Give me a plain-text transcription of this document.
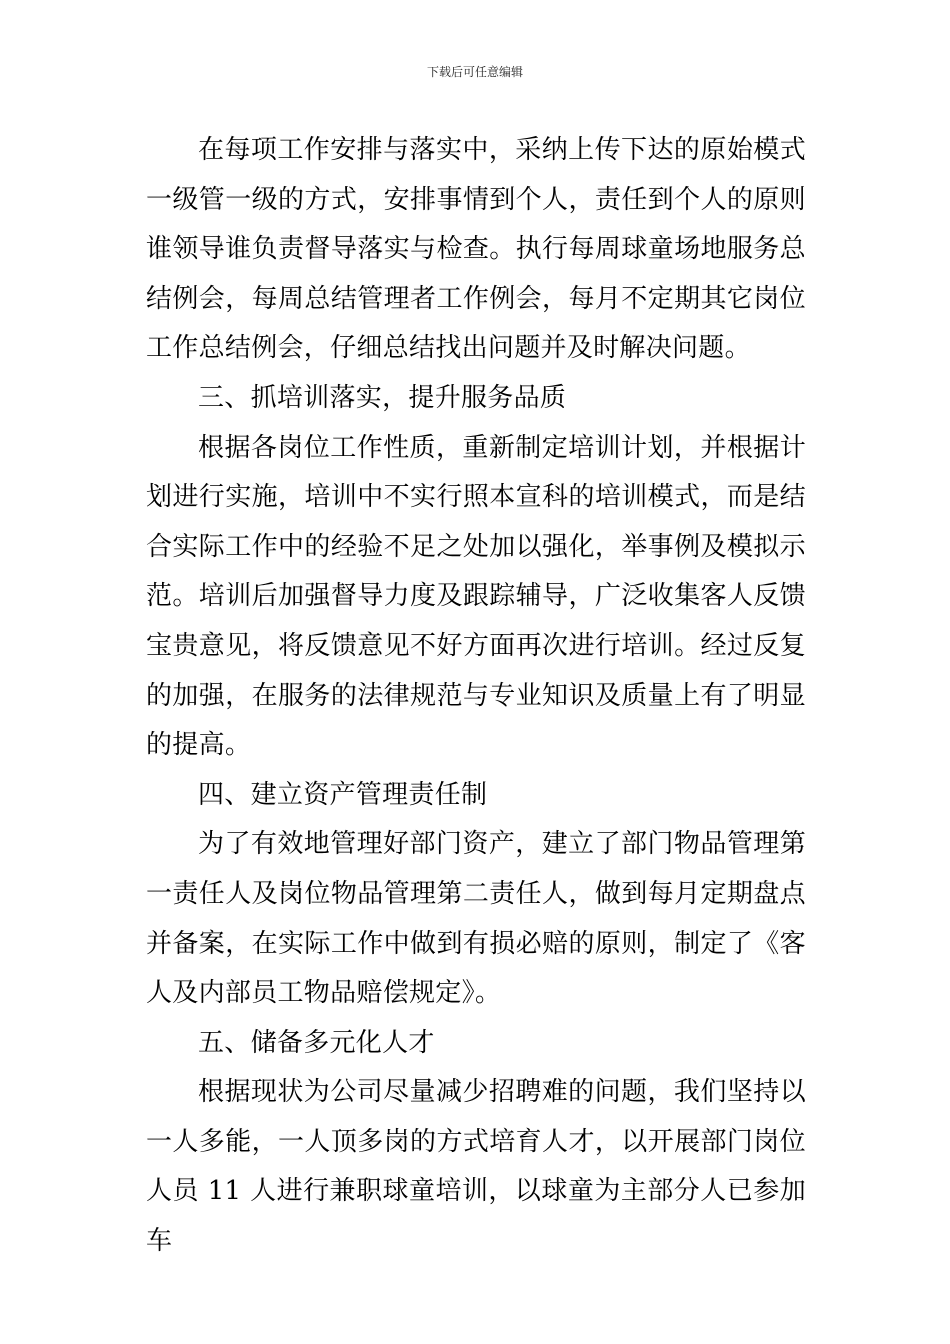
下载后可任意编辑

在每项工作安排与落实中，采纳上传下达的原始模式一级管一级的方式，安排事情到个人，责任到个人的原则谁领导谁负责督导落实与检查。执行每周球童场地服务总结例会，每周总结管理者工作例会，每月不定期其它岗位工作总结例会，仔细总结找出问题并及时解决问题。

三、抓培训落实，提升服务品质

根据各岗位工作性质，重新制定培训计划，并根据计划进行实施，培训中不实行照本宣科的培训模式，而是结合实际工作中的经验不足之处加以强化，举事例及模拟示范。培训后加强督导力度及跟踪辅导，广泛收集客人反馈宝贵意见，将反馈意见不好方面再次进行培训。经过反复的加强，在服务的法律规范与专业知识及质量上有了明显的提高。

四、建立资产管理责任制

为了有效地管理好部门资产，建立了部门物品管理第一责任人及岗位物品管理第二责任人，做到每月定期盘点并备案，在实际工作中做到有损必赔的原则，制定了《客人及内部员工物品赔偿规定》。

五、储备多元化人才

根据现状为公司尽量减少招聘难的问题，我们坚持以一人多能，一人顶多岗的方式培育人才，以开展部门岗位人员 11 人进行兼职球童培训，以球童为主部分人已参加车
